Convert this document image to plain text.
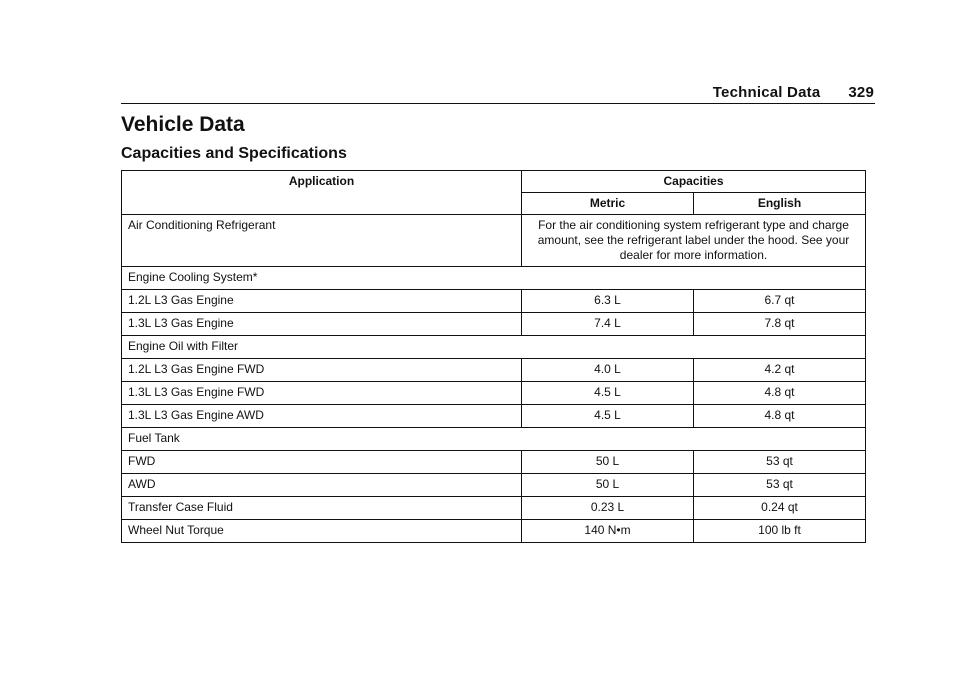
Technical Data 329
Vehicle Data
Capacities and Specifications
Application	Capacities	
	Metric	English
Air Conditioning Refrigerant	For the air conditioning system refrigerant type and charge amount, see the refrigerant label under the hood. See your dealer for more information.	
Engine Cooling System*		
1.2L L3 Gas Engine	6.3 L	6.7 qt
1.3L L3 Gas Engine	7.4 L	7.8 qt
Engine Oil with Filter		
1.2L L3 Gas Engine FWD	4.0 L	4.2 qt
1.3L L3 Gas Engine FWD	4.5 L	4.8 qt
1.3L L3 Gas Engine AWD	4.5 L	4.8 qt
Fuel Tank		
FWD	50 L	53 qt
AWD	50 L	53 qt
Transfer Case Fluid	0.23 L	0.24 qt
Wheel Nut Torque	140 N•m	100 lb ft
